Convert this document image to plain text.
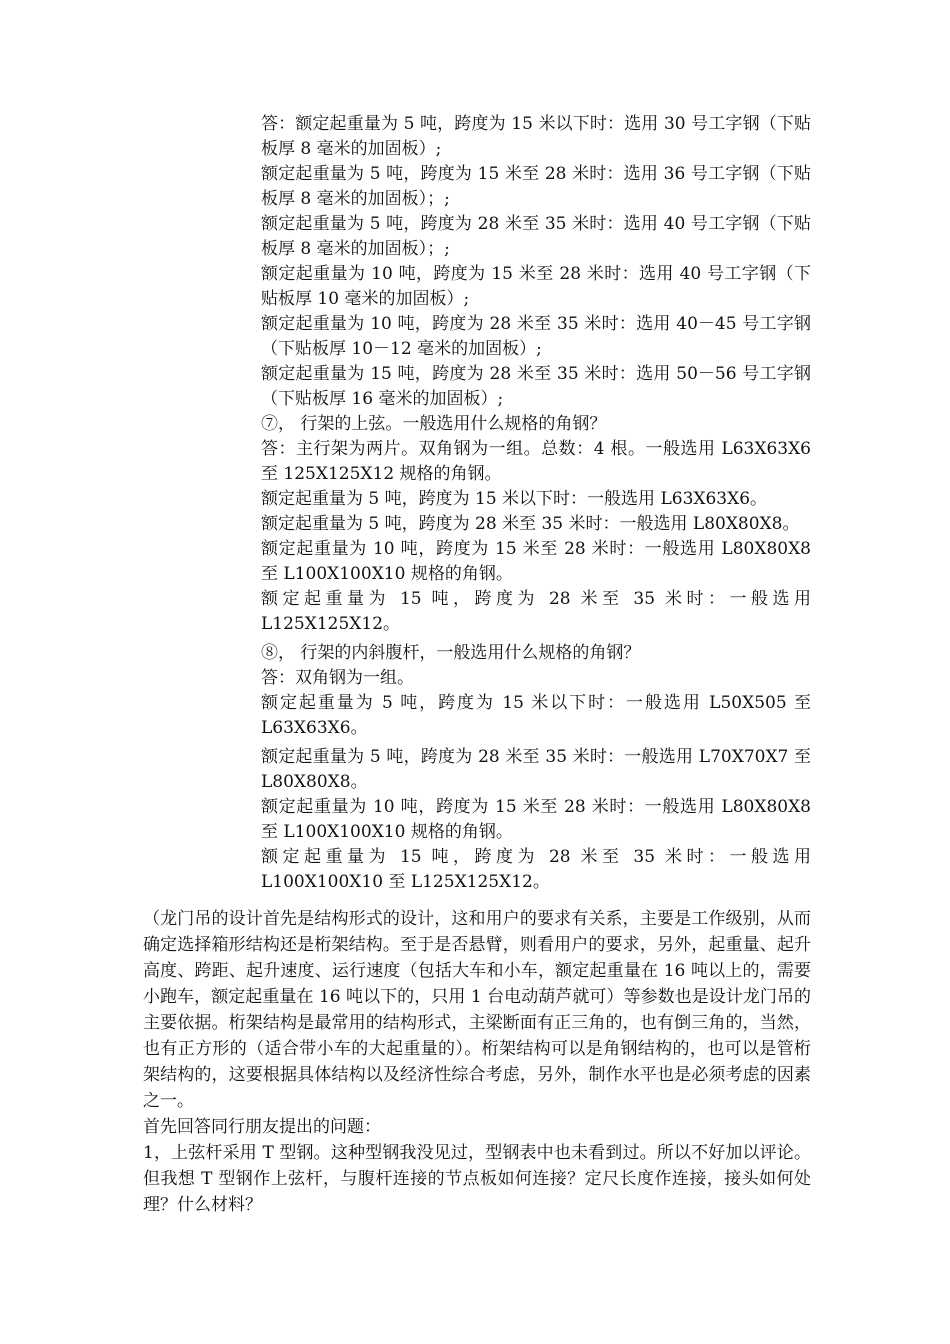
答：额定起重量为 5 吨，跨度为 15 米以下时：选用 30 号工字钢（下贴板厚 8 毫米的加固板）;

额定起重量为 5 吨，跨度为 15 米至 28 米时：选用 36 号工字钢（下贴板厚 8 毫米的加固板）；;

额定起重量为 5 吨，跨度为 28 米至 35 米时：选用 40 号工字钢（下贴板厚 8 毫米的加固板）；;

额定起重量为 10 吨，跨度为 15 米至 28 米时：选用 40 号工字钢（下贴板厚 10 毫米的加固板）;

额定起重量为 10 吨，跨度为 28 米至 35 米时：选用 40－45 号工字钢（下贴板厚 10－12 毫米的加固板）;

额定起重量为 15 吨，跨度为 28 米至 35 米时：选用 50－56 号工字钢（下贴板厚 16 毫米的加固板）;

⑦， 行架的上弦。一般选用什么规格的角钢？

答：主行架为两片。双角钢为一组。总数：4 根。一般选用 L63X63X6 至 125X125X12 规格的角钢。

额定起重量为 5 吨，跨度为 15 米以下时：一般选用 L63X63X6。

额定起重量为 5 吨，跨度为 28 米至 35 米时：一般选用 L80X80X8。

额定起重量为 10 吨，跨度为 15 米至 28 米时：一般选用 L80X80X8 至 L100X100X10 规格的角钢。

额定起重量为 15 吨，跨度为 28 米至 35 米时：一般选用 L125X125X12。

⑧， 行架的内斜腹杆，一般选用什么规格的角钢？

答：双角钢为一组。

额定起重量为 5 吨，跨度为 15 米以下时：一般选用 L50X505 至 L63X63X6。

额定起重量为 5 吨，跨度为 28 米至 35 米时：一般选用 L70X70X7 至 L80X80X8。

额定起重量为 10 吨，跨度为 15 米至 28 米时：一般选用 L80X80X8 至 L100X100X10 规格的角钢。

额定起重量为 15 吨，跨度为 28 米至 35 米时：一般选用 L100X100X10 至 L125X125X12。

（龙门吊的设计首先是结构形式的设计，这和用户的要求有关系，主要是工作级别，从而确定选择箱形结构还是桁架结构。至于是否悬臂，则看用户的要求，另外，起重量、起升高度、跨距、起升速度、运行速度（包括大车和小车，额定起重量在 16 吨以上的，需要小跑车，额定起重量在 16 吨以下的，只用 1 台电动葫芦就可）等参数也是设计龙门吊的主要依据。桁架结构是最常用的结构形式，主梁断面有正三角的，也有倒三角的，当然，也有正方形的（适合带小车的大起重量的）。桁架结构可以是角钢结构的，也可以是管桁架结构的，这要根据具体结构以及经济性综合考虑，另外，制作水平也是必须考虑的因素之一。

首先回答同行朋友提出的问题：

1，上弦杆采用 T 型钢。这种型钢我没见过，型钢表中也未看到过。所以不好加以评论。但我想 T 型钢作上弦杆，与腹杆连接的节点板如何连接？定尺长度作连接，接头如何处理？什么材料？
